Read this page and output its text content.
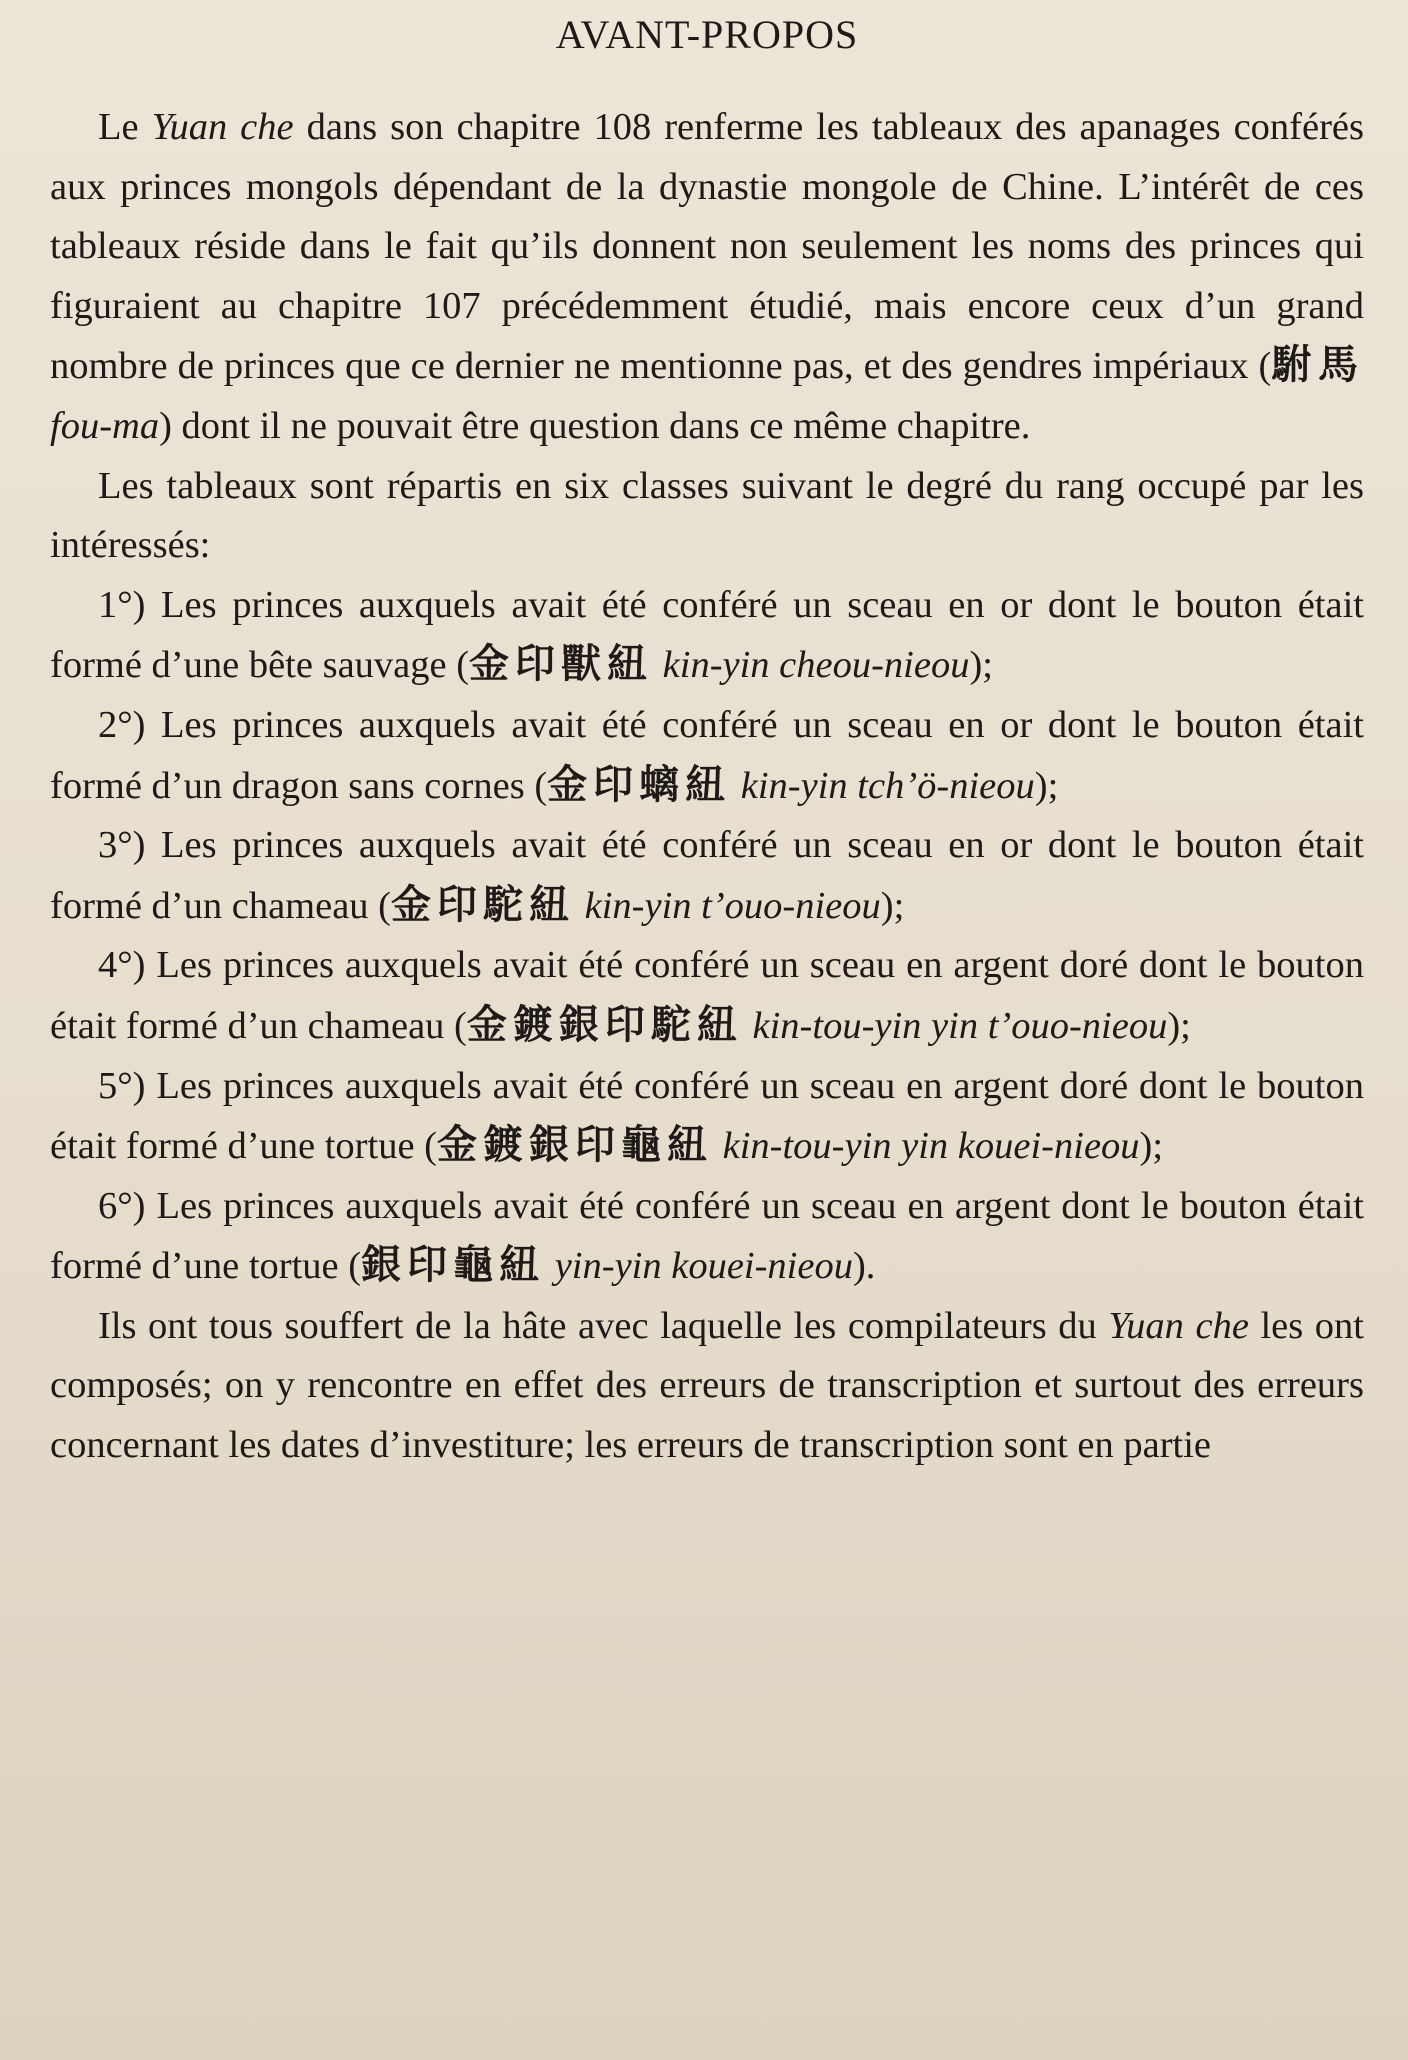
AVANT-PROPOS

Le Yuan che dans son chapitre 108 renferme les tableaux des apanages conférés aux princes mongols dépendant de la dynastie mongole de Chine. L’intérêt de ces tableaux réside dans le fait qu’ils donnent non seulement les noms des princes qui figuraient au chapitre 107 précédemment étudié, mais encore ceux d’un grand nombre de princes que ce dernier ne mentionne pas, et des gendres impériaux (駙馬 fou-ma) dont il ne pouvait être question dans ce même chapitre.

Les tableaux sont répartis en six classes suivant le degré du rang occupé par les intéressés:

1°) Les princes auxquels avait été conféré un sceau en or dont le bouton était formé d’une bête sauvage (金印獸紐 kin-yin cheou-nieou);

2°) Les princes auxquels avait été conféré un sceau en or dont le bouton était formé d’un dragon sans cornes (金印螭紐 kin-yin tch’ö-nieou);

3°) Les princes auxquels avait été conféré un sceau en or dont le bouton était formé d’un chameau (金印駝紐 kin-yin t’ouo-nieou);

4°) Les princes auxquels avait été conféré un sceau en argent doré dont le bouton était formé d’un chameau (金鍍銀印駝紐 kin-tou-yin yin t’ouo-nieou);

5°) Les princes auxquels avait été conféré un sceau en argent doré dont le bouton était formé d’une tortue (金鍍銀印龜紐 kin-tou-yin yin kouei-nieou);

6°) Les princes auxquels avait été conféré un sceau en argent dont le bouton était formé d’une tortue (銀印龜紐 yin-yin kouei-nieou).

Ils ont tous souffert de la hâte avec laquelle les compilateurs du Yuan che les ont composés; on y rencontre en effet des erreurs de transcription et surtout des erreurs concernant les dates d’investiture; les erreurs de transcription sont en partie
